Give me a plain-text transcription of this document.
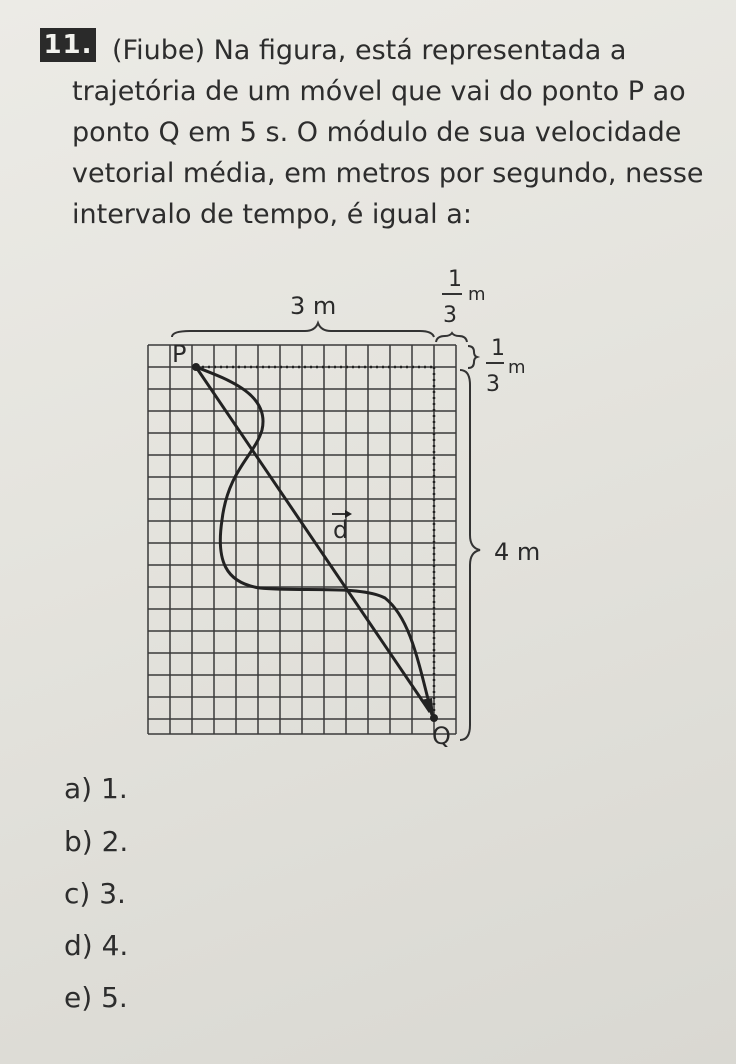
11. (Fiube) Na figura, está representada a trajetória de um móvel que vai do ponto P ao ponto Q em 5 s. O módulo de sua velocidade vetorial média, em metros por segundo, nesse intervalo de tempo, é igual a:
P
Q
d
3 m
1
3
m
1
3
m
4 m
a) 1.
b) 2.
c) 3.
d) 4.
e) 5.
